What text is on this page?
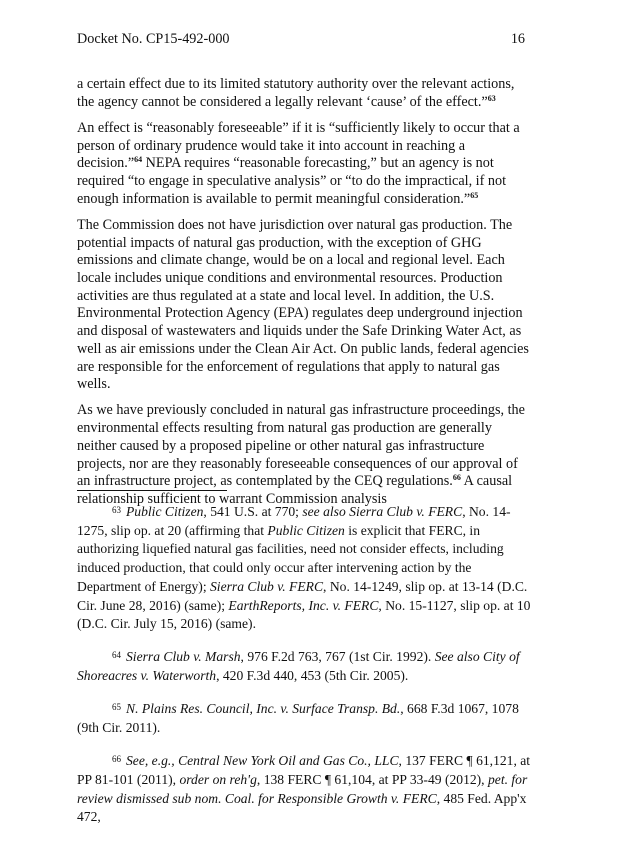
Docket No. CP15-492-000	16

a certain effect due to its limited statutory authority over the relevant actions, the agency cannot be considered a legally relevant ‘cause’ of the effect.”$^{63}$

An effect is “reasonably foreseeable” if it is “sufficiently likely to occur that a person of ordinary prudence would take it into account in reaching a decision.”$^{64}$ NEPA requires “reasonable forecasting,” but an agency is not required “to engage in speculative analysis” or “to do the impractical, if not enough information is available to permit meaningful consideration.”$^{65}$

The Commission does not have jurisdiction over natural gas production. The potential impacts of natural gas production, with the exception of GHG emissions and climate change, would be on a local and regional level. Each locale includes unique conditions and environmental resources. Production activities are thus regulated at a state and local level. In addition, the U.S. Environmental Protection Agency (EPA) regulates deep underground injection and disposal of wastewaters and liquids under the Safe Drinking Water Act, as well as air emissions under the Clean Air Act. On public lands, federal agencies are responsible for the enforcement of regulations that apply to natural gas wells.

As we have previously concluded in natural gas infrastructure proceedings, the environmental effects resulting from natural gas production are generally neither caused by a proposed pipeline or other natural gas infrastructure projects, nor are they reasonably foreseeable consequences of our approval of an infrastructure project, as contemplated by the CEQ regulations.$^{66}$ A causal relationship sufficient to warrant Commission analysis

$^{63}$ Public Citizen, 541 U.S. at 770; see also Sierra Club v. FERC, No. 14-1275, slip op. at 20 (affirming that Public Citizen is explicit that FERC, in authorizing liquefied natural gas facilities, need not consider effects, including induced production, that could only occur after intervening action by the Department of Energy); Sierra Club v. FERC, No. 14-1249, slip op. at 13-14 (D.C. Cir. June 28, 2016) (same); EarthReports, Inc. v. FERC, No. 15-1127, slip op. at 10 (D.C. Cir. July 15, 2016) (same).

$^{64}$ Sierra Club v. Marsh, 976 F.2d 763, 767 (1st Cir. 1992). See also City of Shoreacres v. Waterworth, 420 F.3d 440, 453 (5th Cir. 2005).

$^{65}$ N. Plains Res. Council, Inc. v. Surface Transp. Bd., 668 F.3d 1067, 1078 (9th Cir. 2011).

$^{66}$ See, e.g., Central New York Oil and Gas Co., LLC, 137 FERC ¶ 61,121, at PP 81-101 (2011), order on reh'g, 138 FERC ¶ 61,104, at PP 33-49 (2012), pet. for review dismissed sub nom. Coal. for Responsible Growth v. FERC, 485 Fed. App'x 472,
